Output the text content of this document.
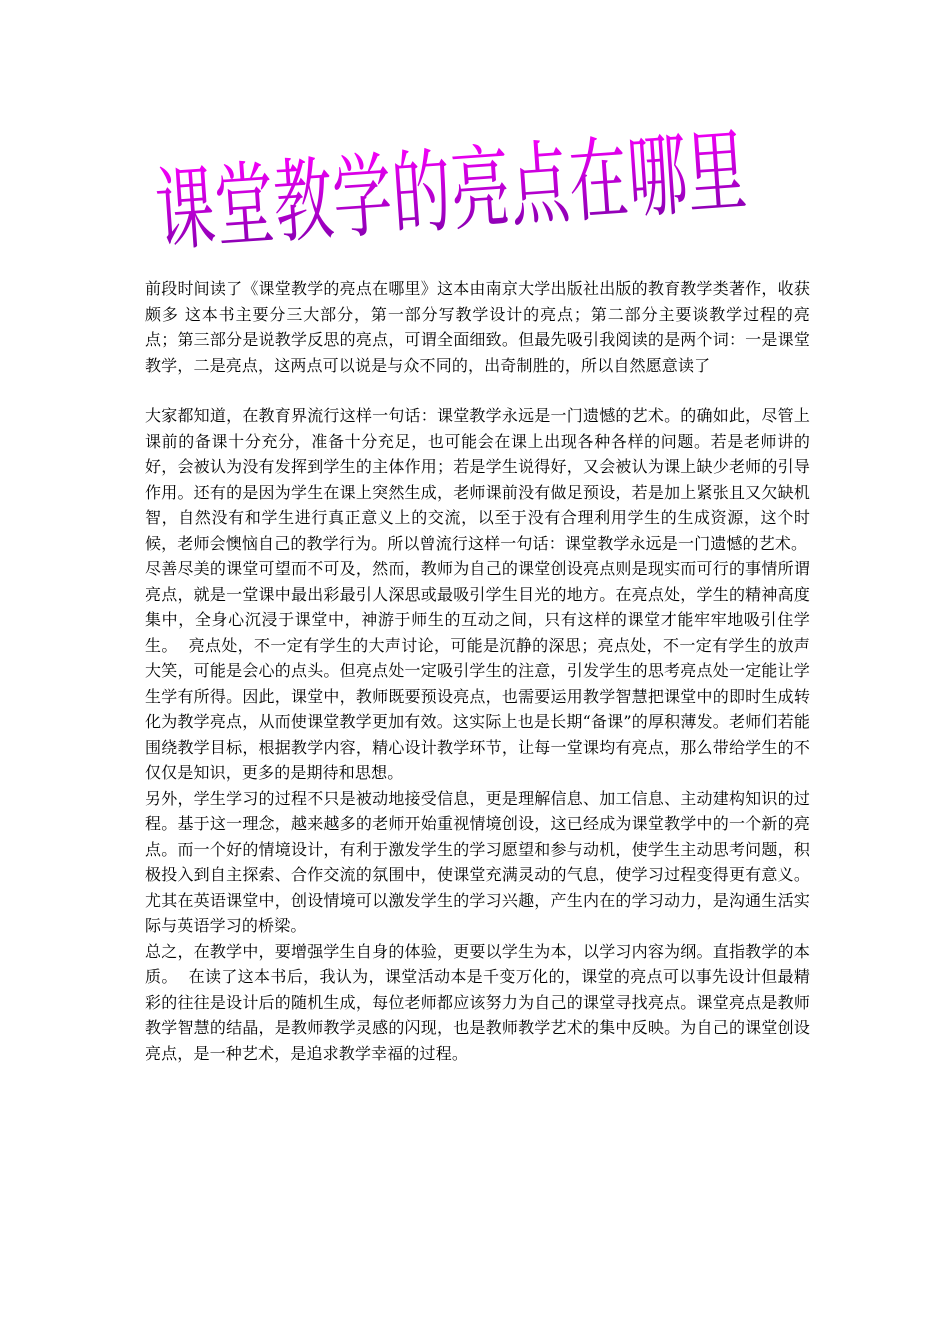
课堂教学的亮点在哪里

前段时间读了《课堂教学的亮点在哪里》这本由南京大学出版社出版的教育教学类著作，收获颇多 这本书主要分三大部分，第一部分写教学设计的亮点；第二部分主要谈教学过程的亮点；第三部分是说教学反思的亮点，可谓全面细致。但最先吸引我阅读的是两个词：一是课堂教学，二是亮点，这两点可以说是与众不同的，出奇制胜的，所以自然愿意读了

大家都知道，在教育界流行这样一句话：课堂教学永远是一门遗憾的艺术。的确如此，尽管上课前的备课十分充分，准备十分充足，也可能会在课上出现各种各样的问题。若是老师讲的好，会被认为没有发挥到学生的主体作用；若是学生说得好，又会被认为课上缺少老师的引导作用。还有的是因为学生在课上突然生成，老师课前没有做足预设，若是加上紧张且又欠缺机智，自然没有和学生进行真正意义上的交流，以至于没有合理利用学生的生成资源，这个时候，老师会懊恼自己的教学行为。所以曾流行这样一句话：课堂教学永远是一门遗憾的艺术。

尽善尽美的课堂可望而不可及，然而，教师为自己的课堂创设亮点则是现实而可行的事情所谓亮点，就是一堂课中最出彩最引人深思或最吸引学生目光的地方。在亮点处，学生的精神高度集中，全身心沉浸于课堂中，神游于师生的互动之间，只有这样的课堂才能牢牢地吸引住学生。  亮点处，不一定有学生的大声讨论，可能是沉静的深思；亮点处，不一定有学生的放声大笑，可能是会心的点头。但亮点处一定吸引学生的注意，引发学生的思考亮点处一定能让学生学有所得。因此，课堂中，教师既要预设亮点，也需要运用教学智慧把课堂中的即时生成转化为教学亮点，从而使课堂教学更加有效。这实际上也是长期“备课”的厚积薄发。老师们若能围绕教学目标，根据教学内容，精心设计教学环节，让每一堂课均有亮点，那么带给学生的不仅仅是知识，更多的是期待和思想。

另外，学生学习的过程不只是被动地接受信息，更是理解信息、加工信息、主动建构知识的过程。基于这一理念，越来越多的老师开始重视情境创设，这已经成为课堂教学中的一个新的亮点。而一个好的情境设计，有利于激发学生的学习愿望和参与动机，使学生主动思考问题，积极投入到自主探索、合作交流的氛围中，使课堂充满灵动的气息，使学习过程变得更有意义。尤其在英语课堂中，创设情境可以激发学生的学习兴趣，产生内在的学习动力，是沟通生活实际与英语学习的桥梁。

总之，在教学中，要增强学生自身的体验，更要以学生为本，以学习内容为纲。直指教学的本质。  在读了这本书后，我认为，课堂活动本是千变万化的，课堂的亮点可以事先设计但最精彩的往往是设计后的随机生成，每位老师都应该努力为自己的课堂寻找亮点。课堂亮点是教师教学智慧的结晶，是教师教学灵感的闪现，也是教师教学艺术的集中反映。为自己的课堂创设亮点，是一种艺术，是追求教学幸福的过程。
